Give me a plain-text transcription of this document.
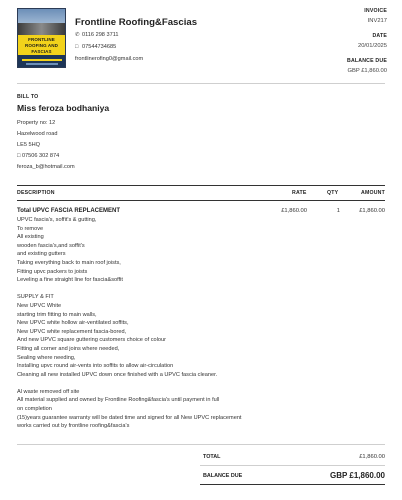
FRONTLINE ROOFING AND FASCIAS
Frontline Roofing&Fascias
✆ 0116 298 3711
□ 07544734685
frontlinerofing0@gmail.com
INVOICE
INV217
DATE
20/01/2025
BALANCE DUE
GBP £1,860.00
BILL TO
Miss feroza bodhaniya
Property no: 12
Hazelwood road
LE5 5HQ
□ 07506 302 874
feroza_b@hotmail.com
DESCRIPTION	RATE	QTY	AMOUNT
Total UPVC FASCIA REPLACEMENT	£1,860.00	1	£1,860.00
UPVC fascia's, soffit's & gutting,
To remove
All existing
wooden fascia's,and soffit's
and existing gutters
Taking everything back to main roof joists,
Fitting upvc packers to joists
Leveling a fine straight line for fascia&soffit
SUPPLY & FIT
New UPVC White
starting trim fitting to main walls,
New UPVC white hollow air-ventilated soffits,
New UPVC white replacement fascia-bored,
And new UPVC square guttering customers choice of colour
Fitting all corner and joins where needed,
Sealing where needing,
Installing upvc round air-vents into soffits to allow air-circulation
Cleaning all new installed UPVC down once finished with a UPVC fascia cleaner.
Al waste removed off site
All material supplied and owned by Frontline Roofing&fascia's until payment in full
on completion
(15)years guarantee warranty will be dated time and signed for all New UPVC replacement
works carried out by frontline roofing&fascia's
TOTAL	£1,860.00
BALANCE DUE	GBP £1,860.00
